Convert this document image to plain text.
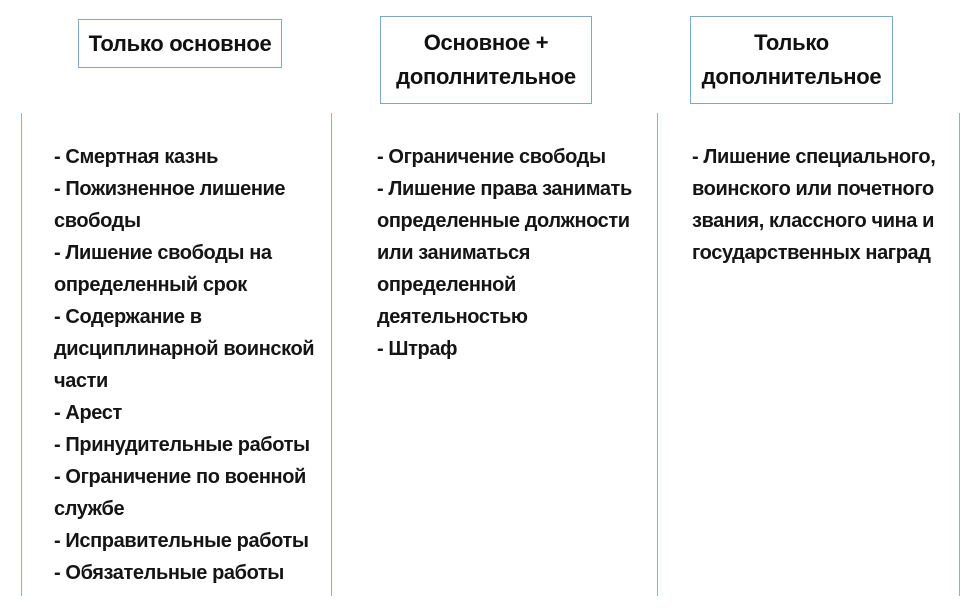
Только основное	Основное +
дополнительное
Только
дополнительное
- Смертная казнь
- Пожизненное лишение свободы
- Лишение свободы на определенный срок
- Содержание в дисциплинарной воинской части
- Арест
- Принудительные работы
- Ограничение по военной службе
- Исправительные работы
- Обязательные работы
- Ограничение свободы
- Лишение права занимать определенные должности или заниматься определенной деятельностью
- Штраф
- Лишение специального, воинского или почетного звания, классного чина и государственных наград
